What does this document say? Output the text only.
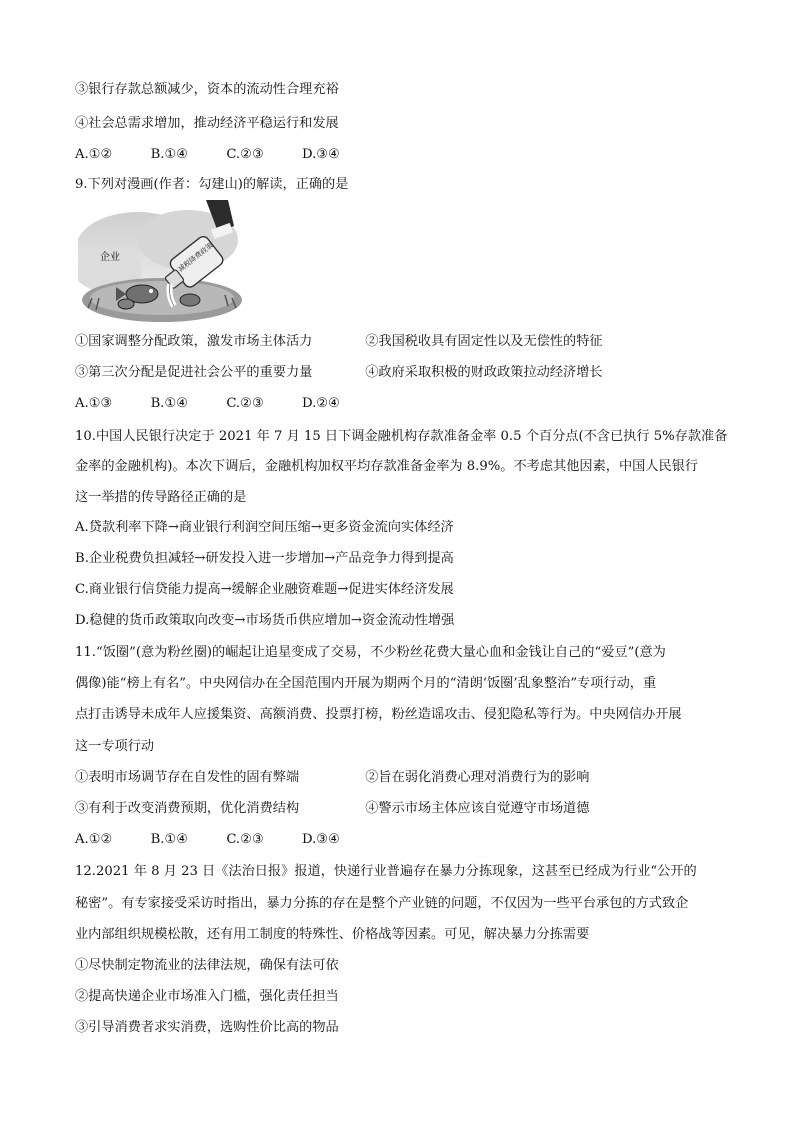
③银行存款总额减少，资本的流动性合理充裕
④社会总需求增加，推动经济平稳运行和发展
A.①②	B.①④	C.②③	D.③④
9.下列对漫画(作者：勾建山)的解读，正确的是
减税降费政策
企业
①国家调整分配政策，激发市场主体活力	②我国税收具有固定性以及无偿性的特征
③第三次分配是促进社会公平的重要力量	④政府采取积极的财政政策拉动经济增长
A.①③	B.①④	C.②③	D.②④
10.中国人民银行决定于 2021 年 7 月 15 日下调金融机构存款准备金率 0.5 个百分点(不含已执行 5%存款准备
金率的金融机构)。本次下调后，金融机构加权平均存款准备金率为 8.9%。不考虑其他因素，中国人民银行
这一举措的传导路径正确的是
A.贷款利率下降→商业银行利润空间压缩→更多资金流向实体经济
B.企业税费负担减轻→研发投入进一步增加→产品竞争力得到提高
C.商业银行信贷能力提高→缓解企业融资难题→促进实体经济发展
D.稳健的货币政策取向改变→市场货币供应增加→资金流动性增强
11.“饭圈”(意为粉丝圈)的崛起让追星变成了交易，不少粉丝花费大量心血和金钱让自己的“爱豆”(意为
偶像)能“榜上有名”。中央网信办在全国范围内开展为期两个月的“清朗‘饭圈’乱象整治”专项行动，重
点打击诱导未成年人应援集资、高额消费、投票打榜，粉丝造谣攻击、侵犯隐私等行为。中央网信办开展
这一专项行动
①表明市场调节存在自发性的固有弊端	②旨在弱化消费心理对消费行为的影响
③有利于改变消费预期，优化消费结构	④警示市场主体应该自觉遵守市场道德
A.①②	B.①④	C.②③	D.③④
12.2021 年 8 月 23 日《法治日报》报道，快递行业普遍存在暴力分拣现象，这甚至已经成为行业“公开的
秘密”。有专家接受采访时指出，暴力分拣的存在是整个产业链的问题，不仅因为一些平台承包的方式致企
业内部组织规模松散，还有用工制度的特殊性、价格战等因素。可见，解决暴力分拣需要
①尽快制定物流业的法律法规，确保有法可依
②提高快递企业市场准入门槛，强化责任担当
③引导消费者求实消费，选购性价比高的物品
